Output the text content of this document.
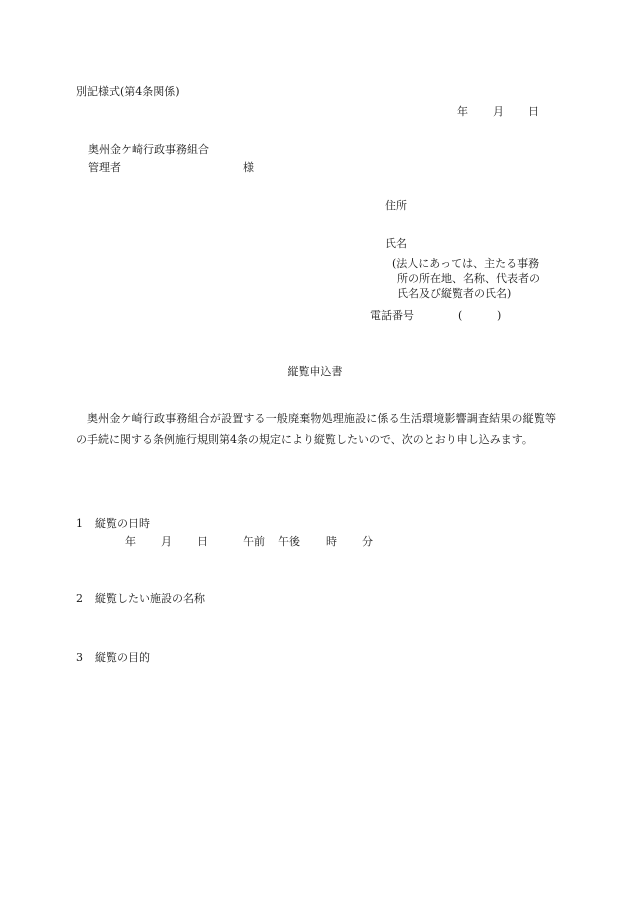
別記様式(第4条関係)
年 月 日
奥州金ケ崎行政事務組合
管理者	様
住所
氏名
(法人にあっては、主たる事務
所の所在地、名称、代表者の
氏名及び縦覧者の氏名)
電話番号	(	)
縦覧申込書
奥州金ケ崎行政事務組合が設置する一般廃棄物処理施設に係る生活環境影響調査結果の縦覧等の手続に関する条例施行規則第4条の規定により縦覧したいので、次のとおり申し込みます。
1 縦覧の日時
年 月 日	午前 午後 時 分
2 縦覧したい施設の名称
3 縦覧の目的
